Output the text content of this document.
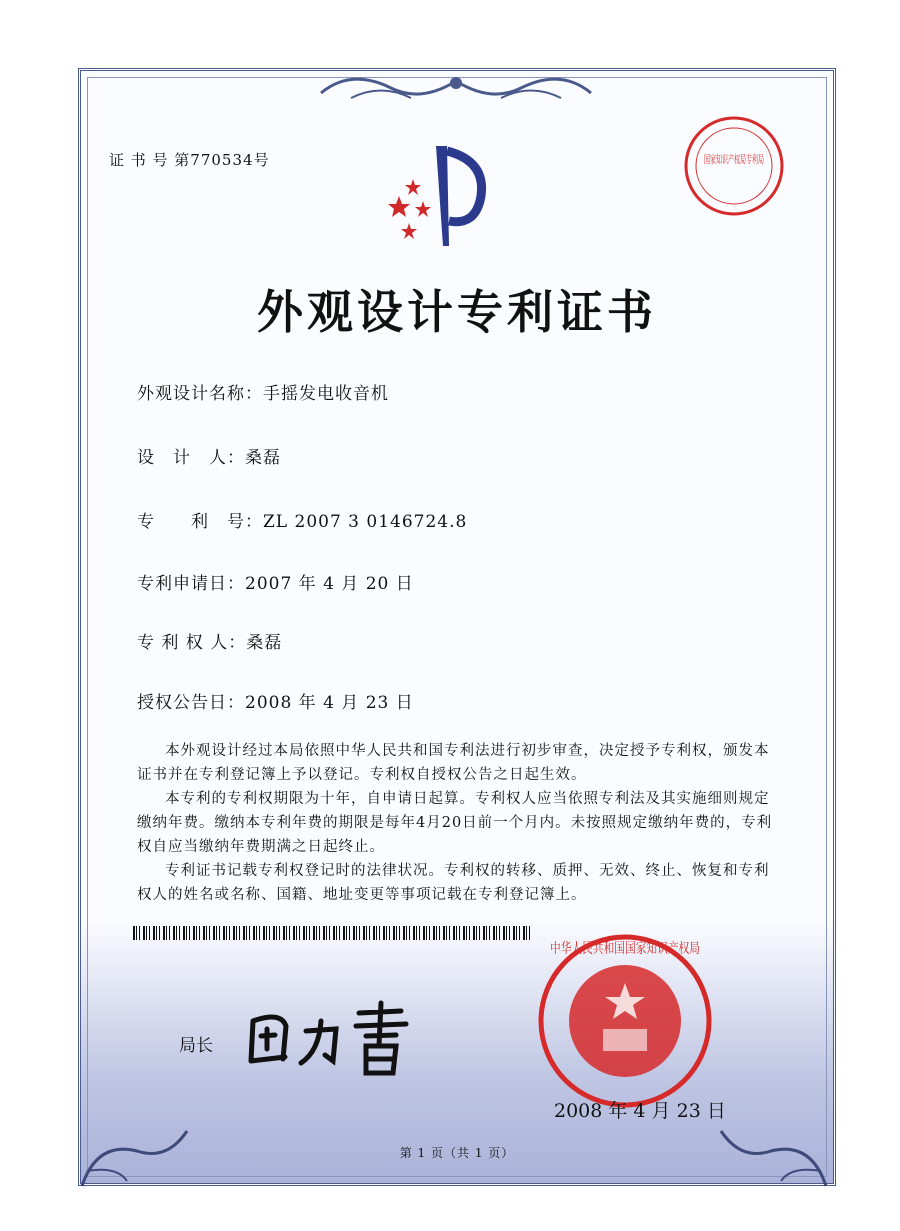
证 书 号 第770534号	国家知识产权局专利局
外观设计专利证书
外观设计名称：手摇发电收音机
设　计　人：桑磊
专　　利　号：ZL 2007 3 0146724.8
专利申请日：2007 年 4 月 20 日
专 利 权 人：桑磊
授权公告日：2008 年 4 月 23 日
本外观设计经过本局依照中华人民共和国专利法进行初步审查，决定授予专利权，颁发本证书并在专利登记簿上予以登记。专利权自授权公告之日起生效。
本专利的专利权期限为十年，自申请日起算。专利权人应当依照专利法及其实施细则规定缴纳年费。缴纳本专利年费的期限是每年4月20日前一个月内。未按照规定缴纳年费的，专利权自应当缴纳年费期满之日起终止。
专利证书记载专利权登记时的法律状况。专利权的转移、质押、无效、终止、恢复和专利权人的姓名或名称、国籍、地址变更等事项记载在专利登记簿上。
局长
中华人民共和国国家知识产权局
2008 年 4 月 23 日
第 1 页（共 1 页）
